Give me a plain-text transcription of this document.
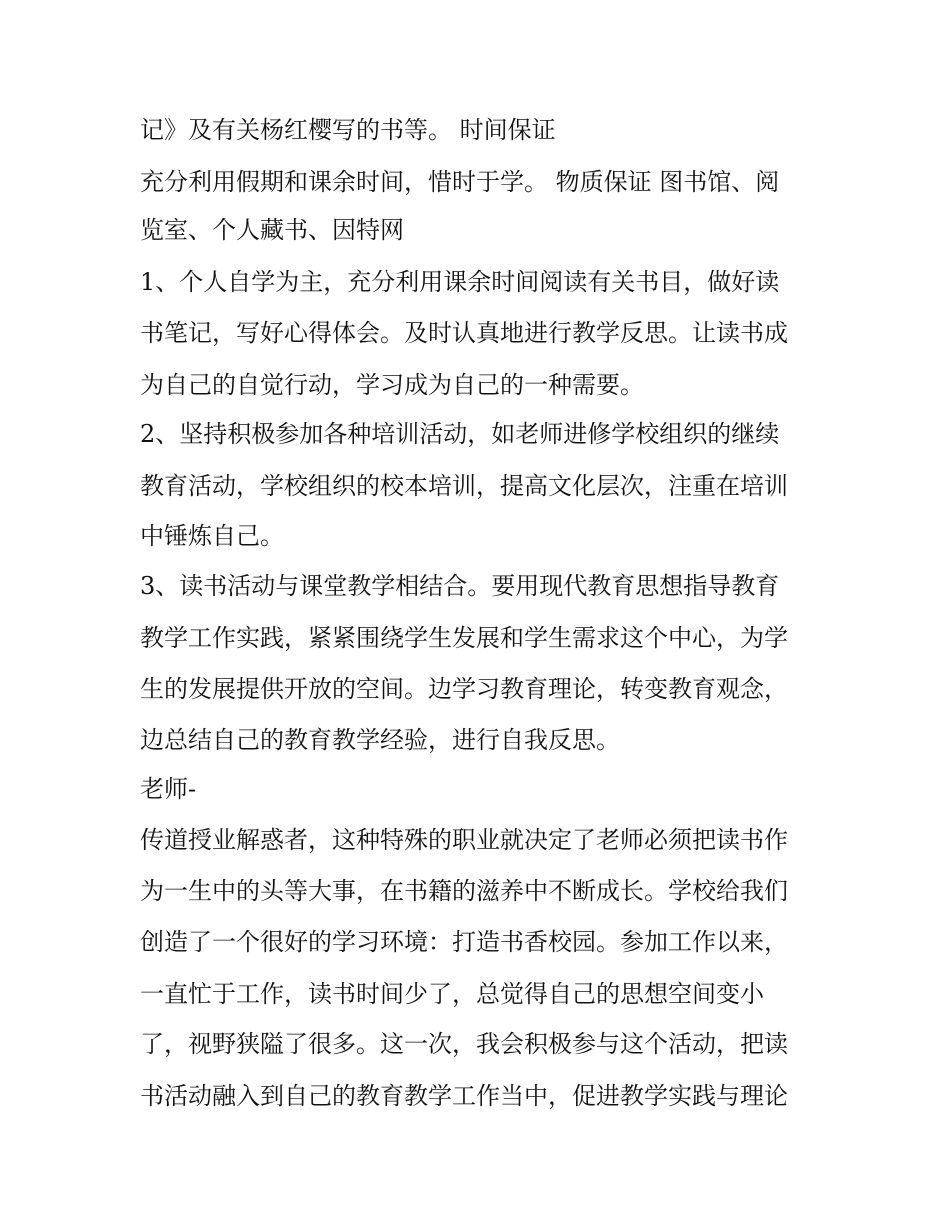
记》及有关杨红樱写的书等。 时间保证
充分利用假期和课余时间，惜时于学。 物质保证 图书馆、阅
览室、个人藏书、因特网
1、个人自学为主，充分利用课余时间阅读有关书目，做好读
书笔记，写好心得体会。及时认真地进行教学反思。让读书成
为自己的自觉行动，学习成为自己的一种需要。
2、坚持积极参加各种培训活动，如老师进修学校组织的继续
教育活动，学校组织的校本培训，提高文化层次，注重在培训
中锤炼自己。
3、读书活动与课堂教学相结合。要用现代教育思想指导教育
教学工作实践，紧紧围绕学生发展和学生需求这个中心，为学
生的发展提供开放的空间。边学习教育理论，转变教育观念，
边总结自己的教育教学经验，进行自我反思。
老师-
传道授业解惑者，这种特殊的职业就决定了老师必须把读书作
为一生中的头等大事，在书籍的滋养中不断成长。学校给我们
创造了一个很好的学习环境：打造书香校园。参加工作以来，
一直忙于工作，读书时间少了，总觉得自己的思想空间变小
了，视野狭隘了很多。这一次，我会积极参与这个活动，把读
书活动融入到自己的教育教学工作当中，促进教学实践与理论
